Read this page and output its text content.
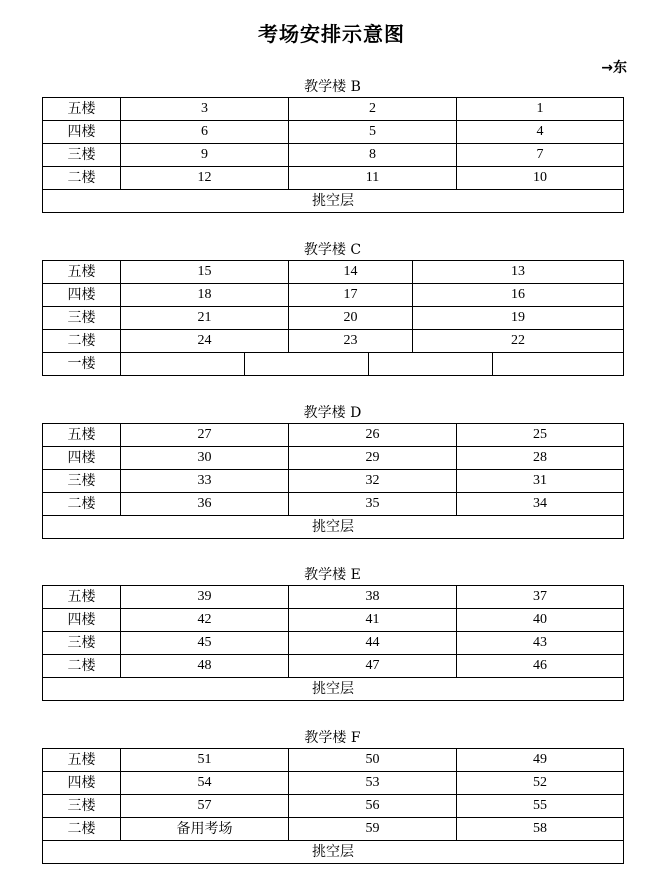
考场安排示意图
→东
教学楼 B
五楼	3	2	1
四楼	6	5	4
三楼	9	8	7
二楼	12	11	10
挑空层			
教学楼 C
五楼	15		14		13	
四楼	18		17		16	
三楼	21		20		19	
二楼	24		23		22	
一楼						
教学楼 D
五楼	27	26	25
四楼	30	29	28
三楼	33	32	31
二楼	36	35	34
挑空层			
教学楼 E
五楼	39	38	37
四楼	42	41	40
三楼	45	44	43
二楼	48	47	46
挑空层			
教学楼 F
五楼	51	50	49
四楼	54	53	52
三楼	57	56	55
二楼	备用考场	59	58
挑空层			
